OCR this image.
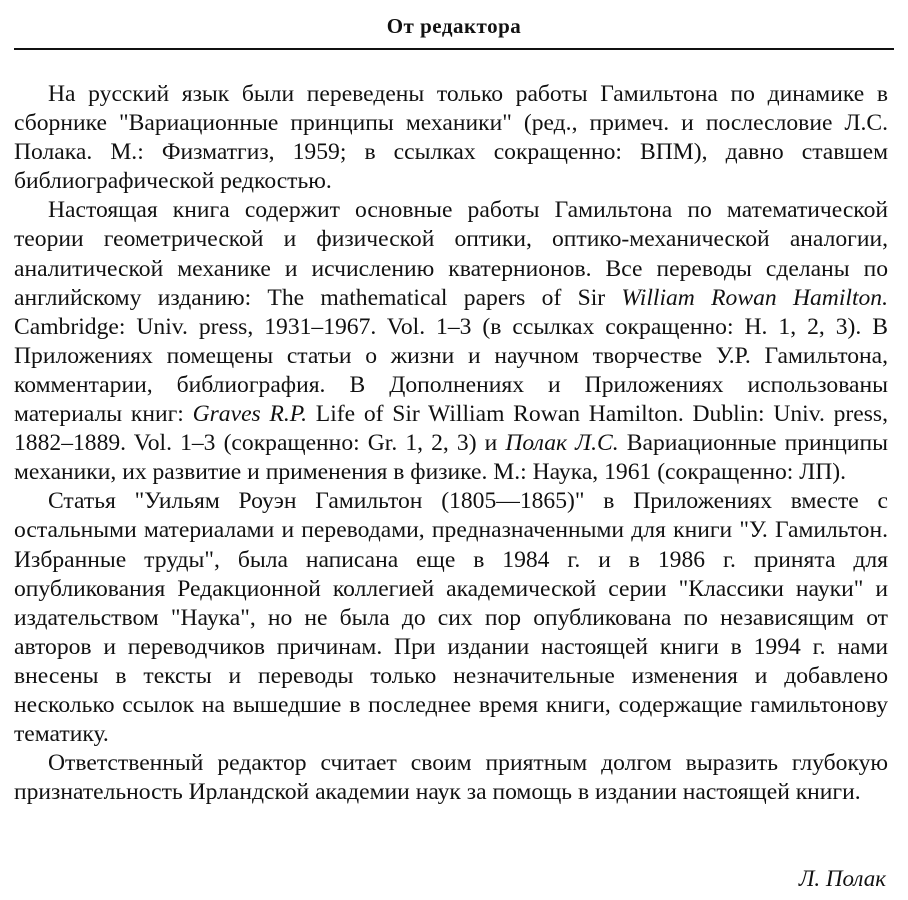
От редактора

На русский язык были переведены только работы Гамильтона по динамике в сборнике "Вариационные принципы механики" (ред., примеч. и послесловие Л.С. Полака. М.: Физматгиз, 1959; в ссылках сокращенно: ВПМ), давно ставшем библиографической редкостью.

Настоящая книга содержит основные работы Гамильтона по математической теории геометрической и физической оптики, оптико-механической аналогии, аналитической механике и исчислению кватернионов. Все переводы сделаны по английскому изданию: The mathematical papers of Sir William Rowan Hamilton. Cambridge: Univ. press, 1931–1967. Vol. 1–3 (в ссылках сокращенно: H. 1, 2, 3). В Приложениях помещены статьи о жизни и научном творчестве У.Р. Гамильтона, комментарии, библиография. В Дополнениях и Приложениях использованы материалы книг: Graves R.P. Life of Sir William Rowan Hamilton. Dublin: Univ. press, 1882–1889. Vol. 1–3 (сокращенно: Gr. 1, 2, 3) и Полак Л.С. Вариационные принципы механики, их развитие и применения в физике. М.: Наука, 1961 (сокращенно: ЛП).

Статья "Уильям Роуэн Гамильтон (1805—1865)" в Приложениях вместе с остальными материалами и переводами, предназначенными для книги "У. Гамильтон. Избранные труды", была написана еще в 1984 г. и в 1986 г. принята для опубликования Редакционной коллегией академической серии "Классики науки" и издательством "Наука", но не была до сих пор опубликована по независящим от авторов и переводчиков причинам. При издании настоящей книги в 1994 г. нами внесены в тексты и переводы только незначительные изменения и добавлено несколько ссылок на вышедшие в последнее время книги, содержащие гамильтонову тематику.

Ответственный редактор считает своим приятным долгом выразить глубокую признательность Ирландской академии наук за помощь в издании настоящей книги.

Л. Полак
